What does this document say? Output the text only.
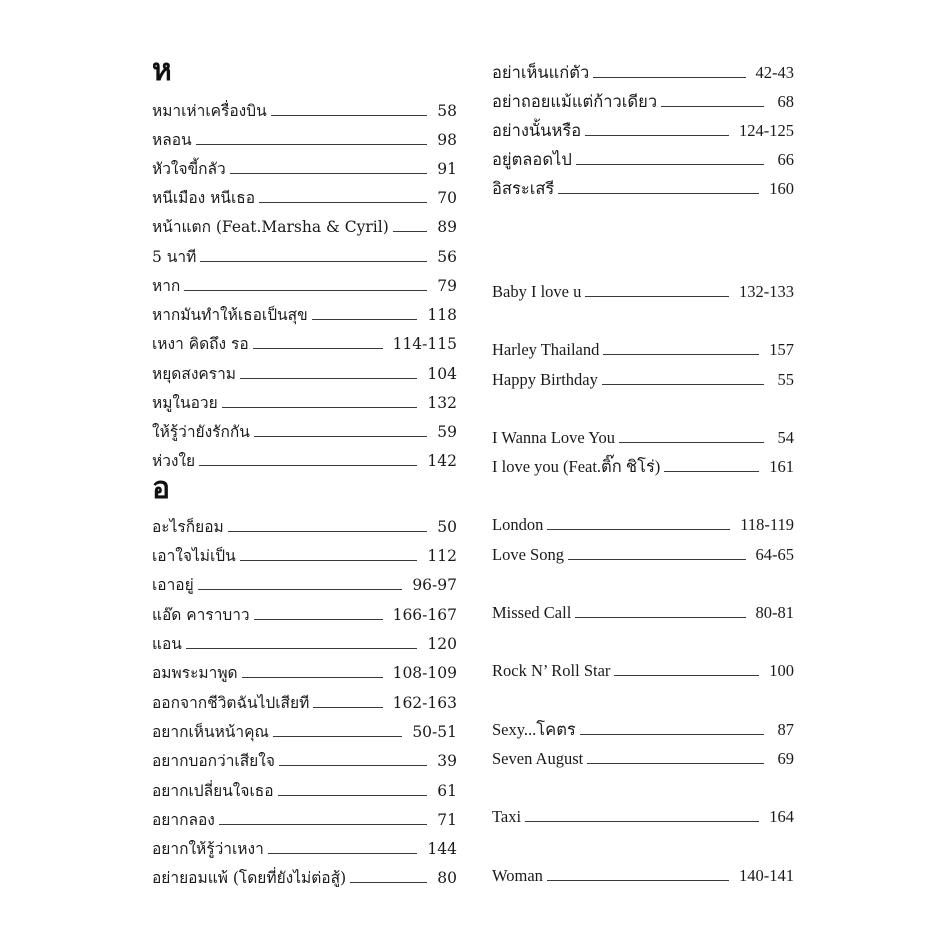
ห
หมาเห่าเครื่องบิน	58
หลอน	98
หัวใจขี้กลัว	91
หนีเมือง หนีเธอ	70
หน้าแตก (Feat.Marsha & Cyril)	89
5 นาที	56
หาก	79
หากมันทำให้เธอเป็นสุข	118
เหงา คิดถึง รอ	114-115
หยุดสงคราม	104
หมูในอวย	132
ให้รู้ว่ายังรักกัน	59
ห่วงใย	142
อ
อะไรก็ยอม	50
เอาใจไม่เป็น	112
เอาอยู่	96-97
แอ๊ด คาราบาว	166-167
แอน	120
อมพระมาพูด	108-109
ออกจากชีวิตฉันไปเสียที	162-163
อยากเห็นหน้าคุณ	50-51
อยากบอกว่าเสียใจ	39
อยากเปลี่ยนใจเธอ	61
อยากลอง	71
อยากให้รู้ว่าเหงา	144
อย่ายอมแพ้ (โดยที่ยังไม่ต่อสู้)	80
อย่าเห็นแก่ตัว	42-43
อย่าถอยแม้แต่ก้าวเดียว	68
อย่างนั้นหรือ	124-125
อยู่ตลอดไป	66
อิสระเสรี	160
Baby I love u	132-133
Harley Thailand	157
Happy Birthday	55
I Wanna Love You	54
I love you (Feat.ติ๊ก ชิโร่)	161
London	118-119
Love Song	64-65
Missed Call	80-81
Rock N’ Roll Star	100
Sexy...โคตร	87
Seven August	69
Taxi	164
Woman	140-141
